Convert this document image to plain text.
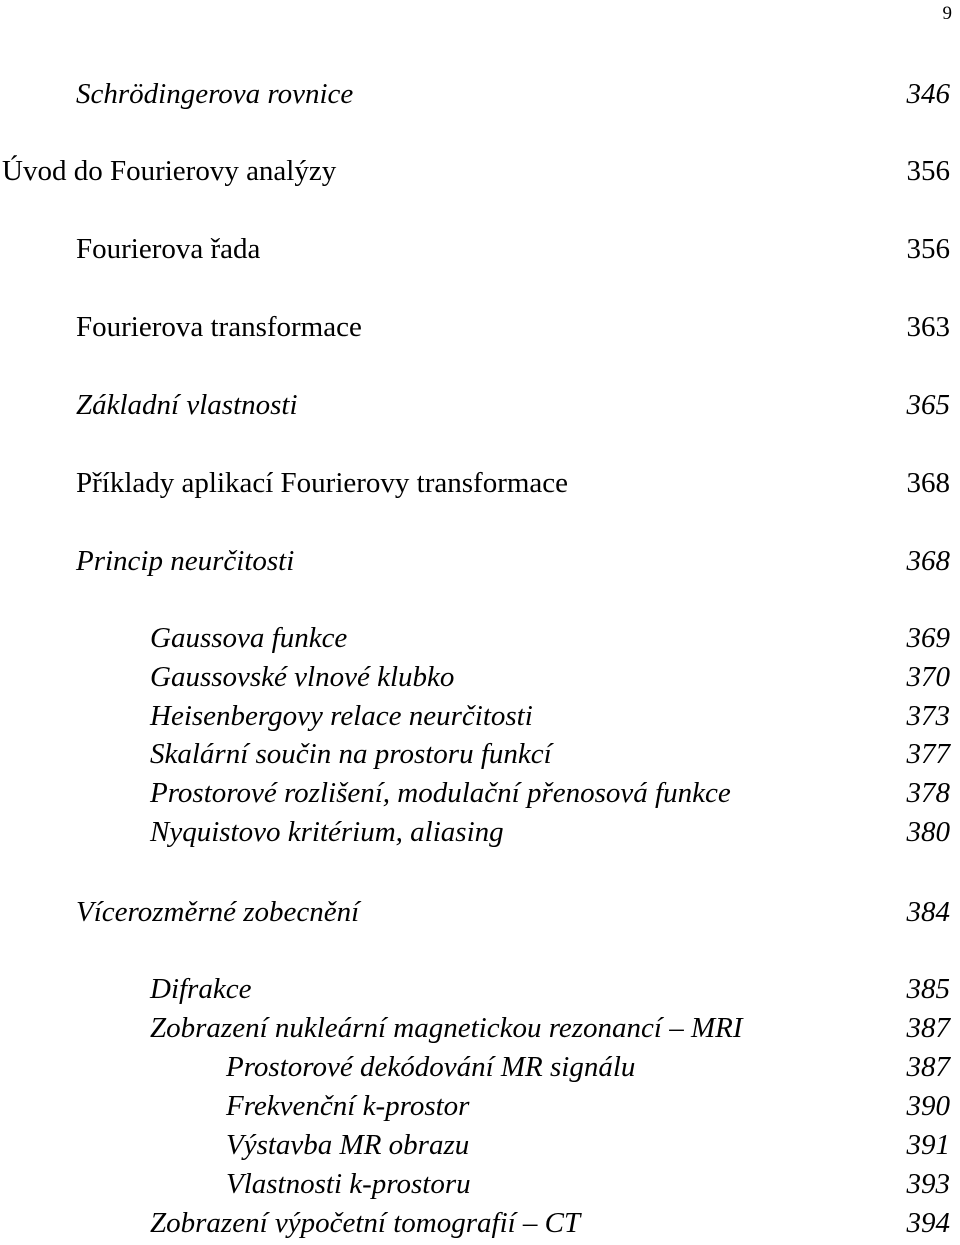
9
Schrödingerova rovnice	346
Úvod do Fourierovy analýzy	356
Fourierova řada	356
Fourierova transformace	363
Základní vlastnosti	365
Příklady aplikací Fourierovy transformace	368
Princip neurčitosti	368
Gaussova funkce	369
Gaussovské vlnové klubko	370
Heisenbergovy relace neurčitosti	373
Skalární součin na prostoru funkcí	377
Prostorové rozlišení, modulační přenosová funkce	378
Nyquistovo kritérium, aliasing	380
Vícerozměrné zobecnění	384
Difrakce	385
Zobrazení nukleární magnetickou rezonancí – MRI	387
Prostorové dekódování MR signálu	387
Frekvenční k-prostor	390
Výstavba MR obrazu	391
Vlastnosti k-prostoru	393
Zobrazení výpočetní tomografií – CT	394
